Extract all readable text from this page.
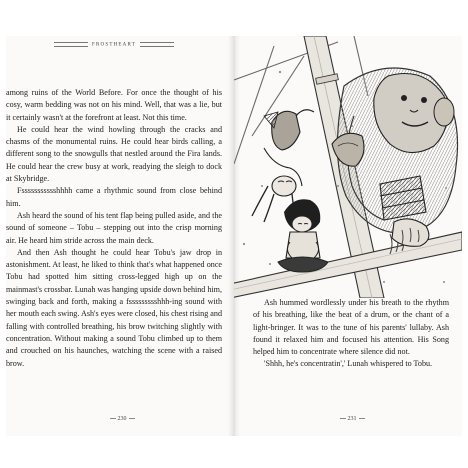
FROSTHEART

among ruins of the World Before. For once the thought of his cosy, warm bedding was not on his mind. Well, that was a lie, but it certainly wasn't at the forefront at least. Not this time.

He could hear the wind howling through the cracks and chasms of the monumental ruins. He could hear birds calling, a different song to the snowgulls that nestled around the Fira lands. He could hear the crew busy at work, readying the sleigh to dock at Skybridge.

Fssssssssssshhhh came a rhythmic sound from close behind him.

Ash heard the sound of his tent flap being pulled aside, and the sound of someone – Tobu – stepping out into the crisp morning air. He heard him stride across the main deck.

And then Ash thought he could hear Tobu's jaw drop in astonishment. At least, he liked to think that's what happened once Tobu had spotted him sitting cross-legged high up on the mainmast's crossbar. Lunah was hanging upside down behind him, swinging back and forth, making a fssssssssshhh-ing sound with her mouth each swing. Ash's eyes were closed, his chest rising and falling with controlled breathing, his brow twitching slightly with concentration. Without making a sound Tobu climbed up to them and crouched on his haunches, watching the scene with a raised brow.

230

Ash hummed wordlessly under his breath to the rhythm of his breathing, like the beat of a drum, or the chant of a light-bringer. It was to the tune of his parents' lullaby. Ash found it relaxed him and focused his attention. His Song helped him to concentrate where silence did not.

'Shhh, he's concentratin',' Lunah whispered to Tobu.

231
